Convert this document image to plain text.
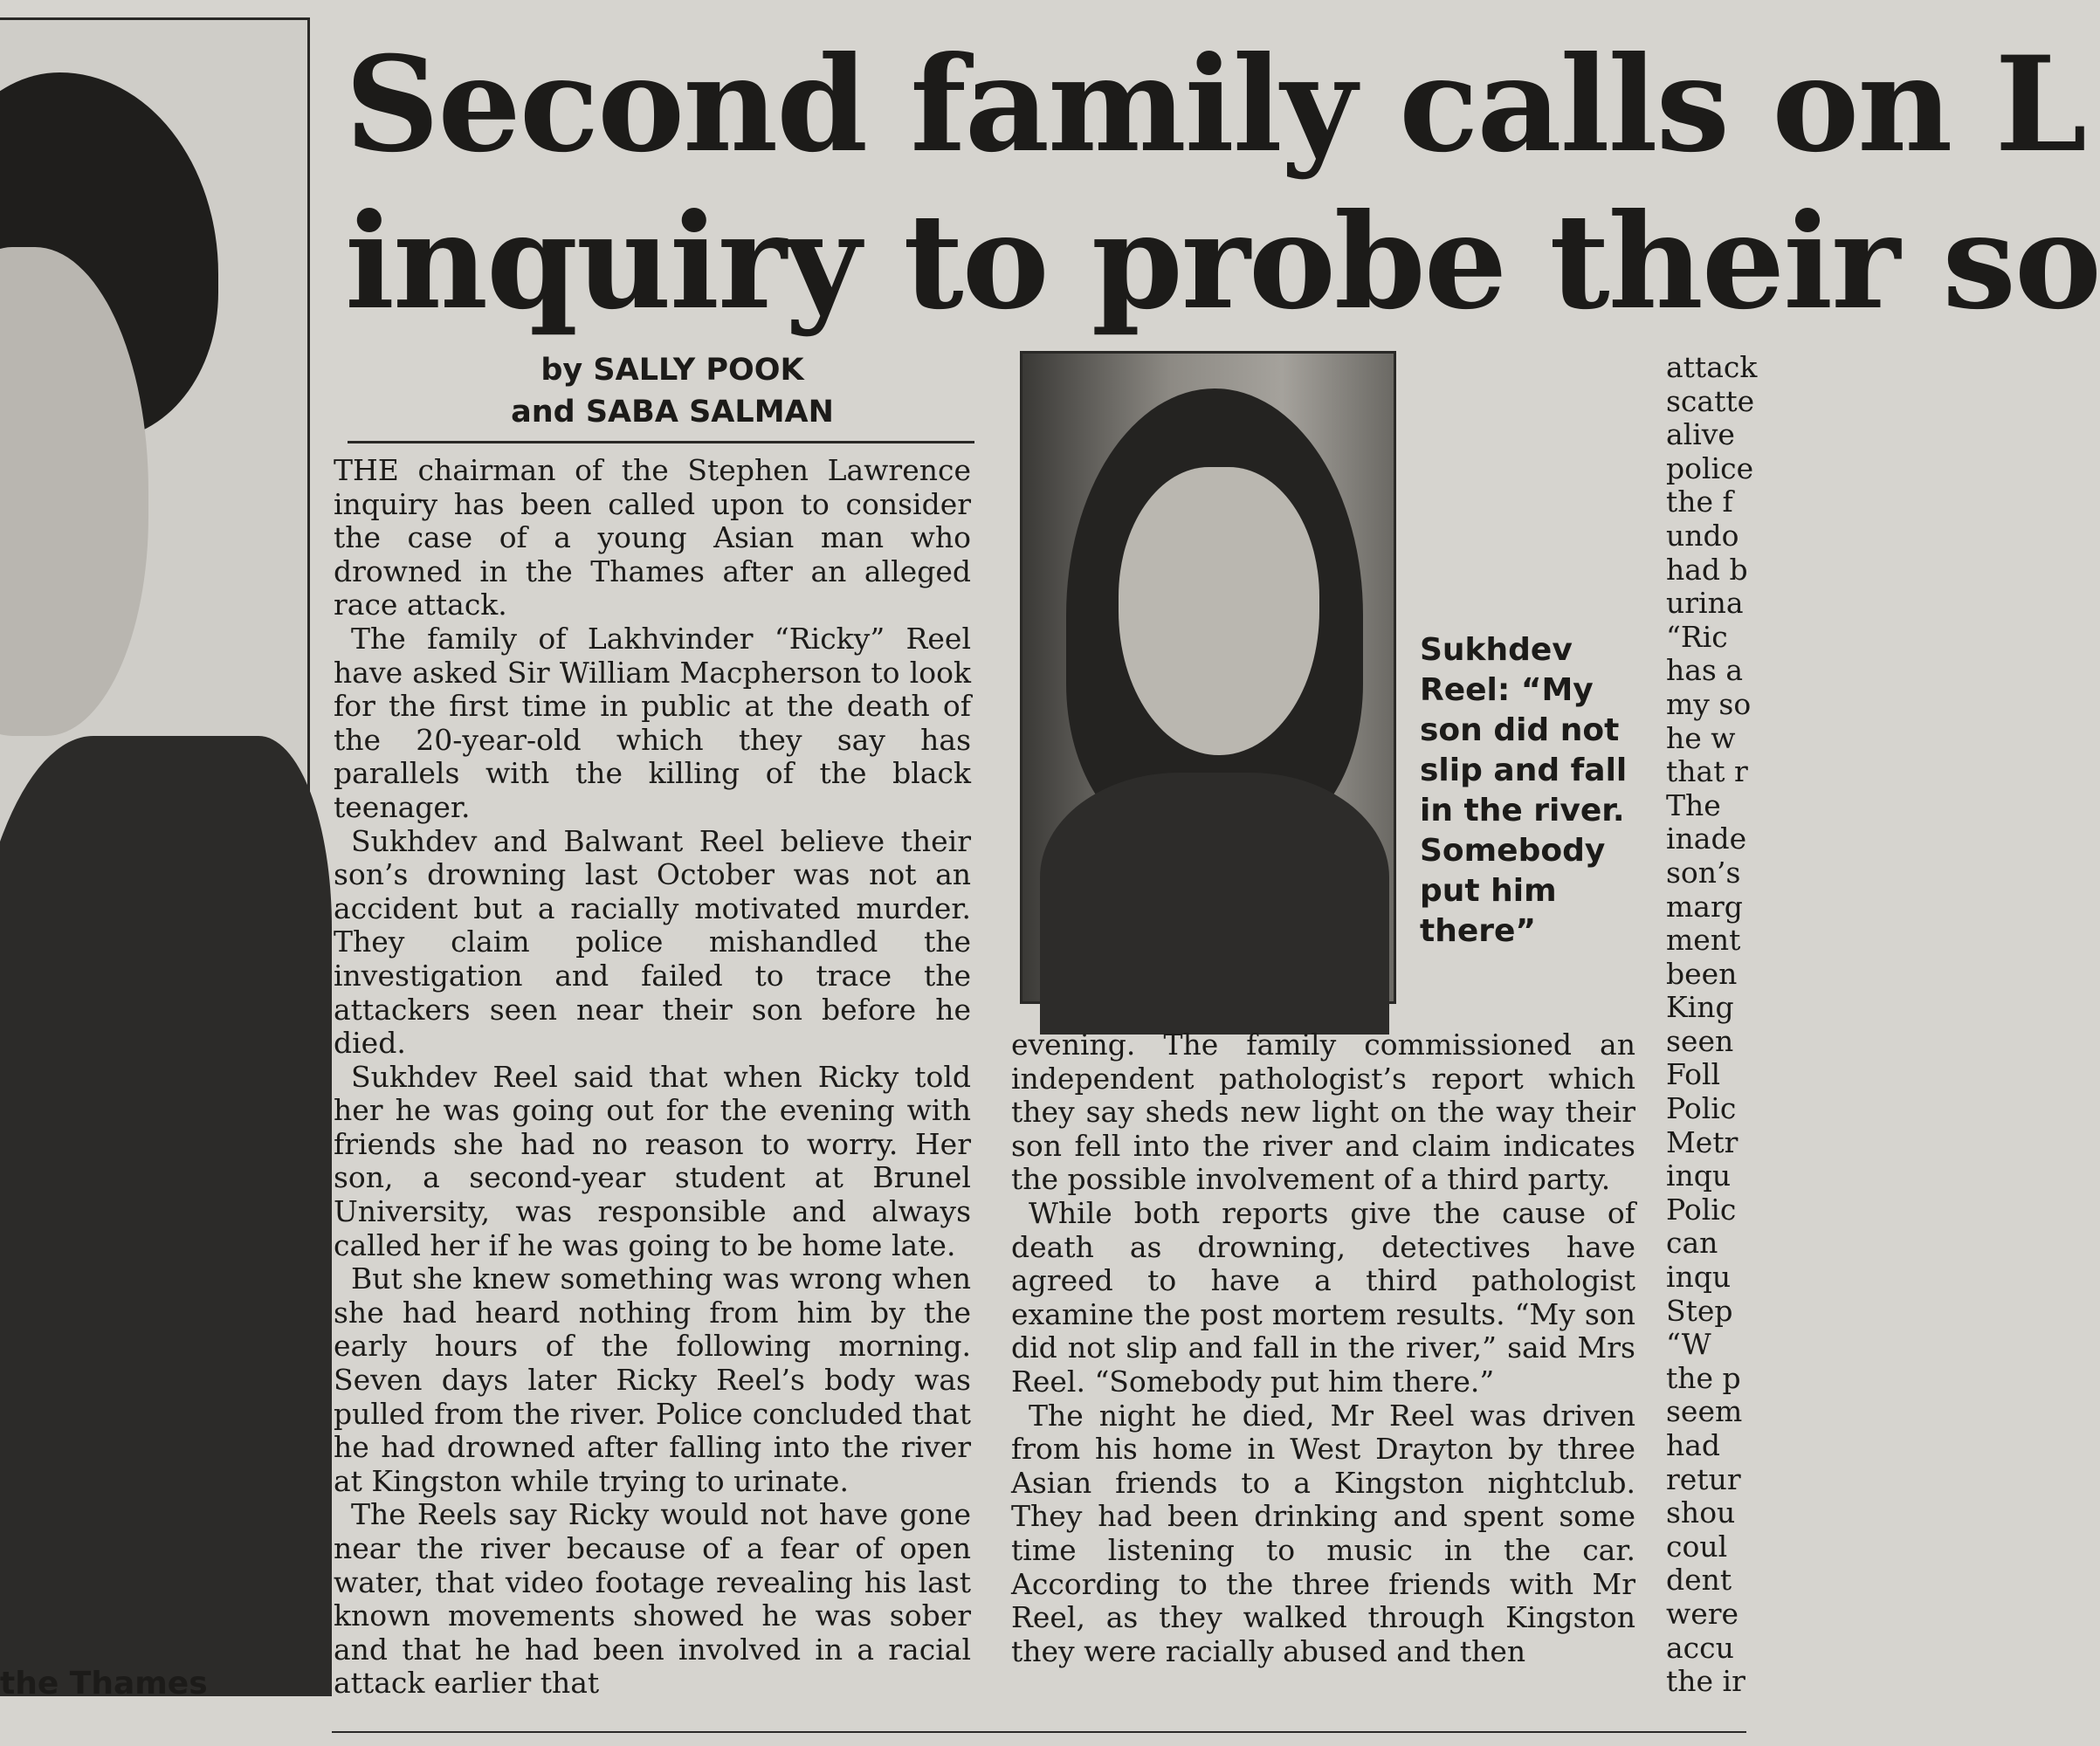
the Thames
Second family calls on L
inquiry to probe their so
by SALLY POOK
and SABA SALMAN

THE chairman of the Stephen Lawrence inquiry has been called upon to consider the case of a young Asian man who drowned in the Thames after an alleged race attack.

The family of Lakhvinder “Ricky” Reel have asked Sir William Macpherson to look for the first time in public at the death of the 20-year-old which they say has parallels with the killing of the black teenager.

Sukhdev and Balwant Reel believe their son’s drowning last October was not an accident but a racially motivated murder. They claim police mishandled the investigation and failed to trace the attackers seen near their son before he died.

Sukhdev Reel said that when Ricky told her he was going out for the evening with friends she had no reason to worry. Her son, a second-year student at Brunel University, was responsible and always called her if he was going to be home late.

But she knew something was wrong when she had heard nothing from him by the early hours of the following morning. Seven days later Ricky Reel’s body was pulled from the river. Police concluded that he had drowned after falling into the river at Kingston while trying to urinate.

The Reels say Ricky would not have gone near the river because of a fear of open water, that video footage revealing his last known movements showed he was sober and that he had been involved in a racial attack earlier that

Sukhdev Reel: “My son did not slip and fall in the river. Somebody put him there”

evening. The family commissioned an independent pathologist’s report which they say sheds new light on the way their son fell into the river and claim indicates the possible involvement of a third party.

While both reports give the cause of death as drowning, detectives have agreed to have a third pathologist examine the post mortem results. “My son did not slip and fall in the river,” said Mrs Reel. “Somebody put him there.”

The night he died, Mr Reel was driven from his home in West Drayton by three Asian friends to a Kingston nightclub. They had been drinking and spent some time listening to music in the car. According to the three friends with Mr Reel, as they walked through Kingston they were racially abused and then

attack
scatte
alive
police
the f
undo
had b
urina
“Ric
has a
my so
he w
that r
The
inade
son’s
marg
ment
been
King
seen
Foll
Polic
Metr
inqu
Polic
can
inqu
Step
“W
the p
seem
had
retur
shou
coul
dent
were
accu
the ir
